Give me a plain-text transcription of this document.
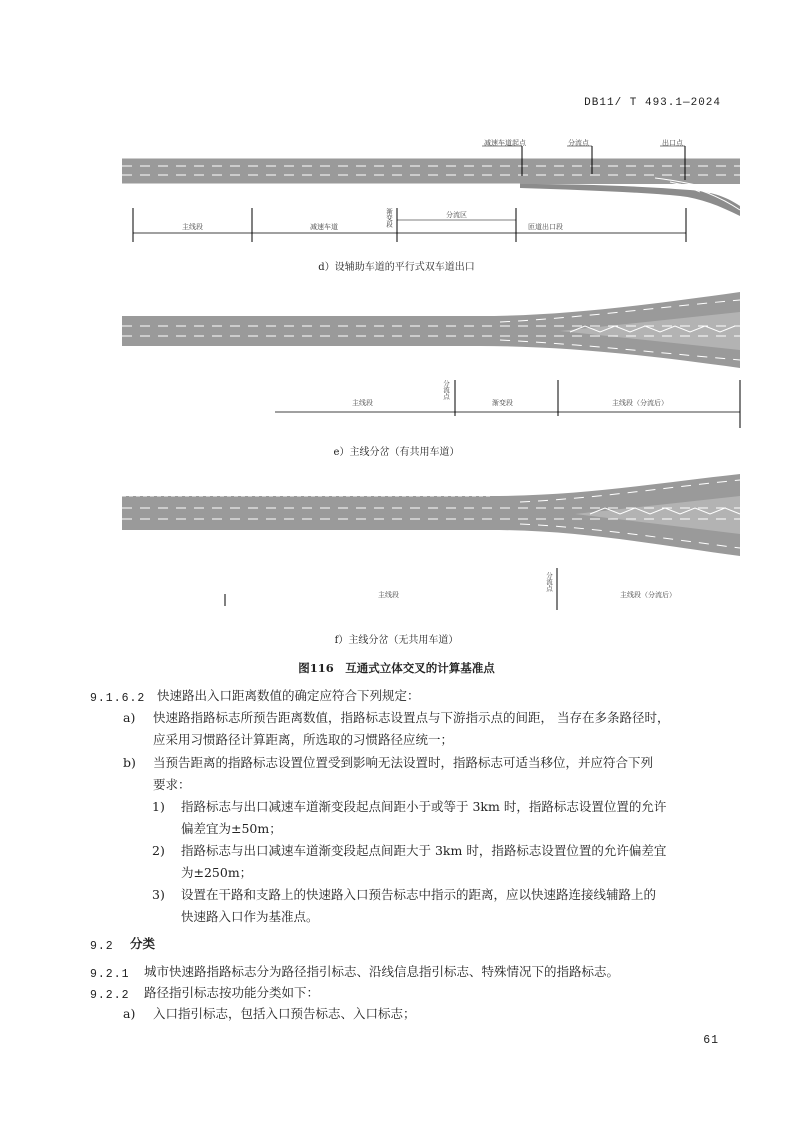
DB11/ T 493.1—2024
减速车道起点	分流点	出口点
主线段	减速车道	渐变段	分流区
匝道出口段
d）设辅助车道的平行式双车道出口
分流点
主线段	渐变段	主线段（分流后）
e）主线分岔（有共用车道）
分流点
主线段	主线段（分流后）
f）主线分岔（无共用车道）
图116　互通式立体交叉的计算基准点
9.1.6.2 快速路出入口距离数值的确定应符合下列规定：
a) 快速路指路标志所预告距离数值，指路标志设置点与下游指示点的间距， 当存在多条路径时，
应采用习惯路径计算距离，所选取的习惯路径应统一；
b) 当预告距离的指路标志设置位置受到影响无法设置时，指路标志可适当移位，并应符合下列
要求：
1) 指路标志与出口减速车道渐变段起点间距小于或等于 3km 时，指路标志设置位置的允许
偏差宜为±50m；
2) 指路标志与出口减速车道渐变段起点间距大于 3km 时，指路标志设置位置的允许偏差宜
为±250m；
3) 设置在干路和支路上的快速路入口预告标志中指示的距离，应以快速路连接线辅路上的
快速路入口作为基准点。
9.2 分类
9.2.1 城市快速路指路标志分为路径指引标志、沿线信息指引标志、特殊情况下的指路标志。
9.2.2 路径指引标志按功能分类如下：
a) 入口指引标志，包括入口预告标志、入口标志；
61
